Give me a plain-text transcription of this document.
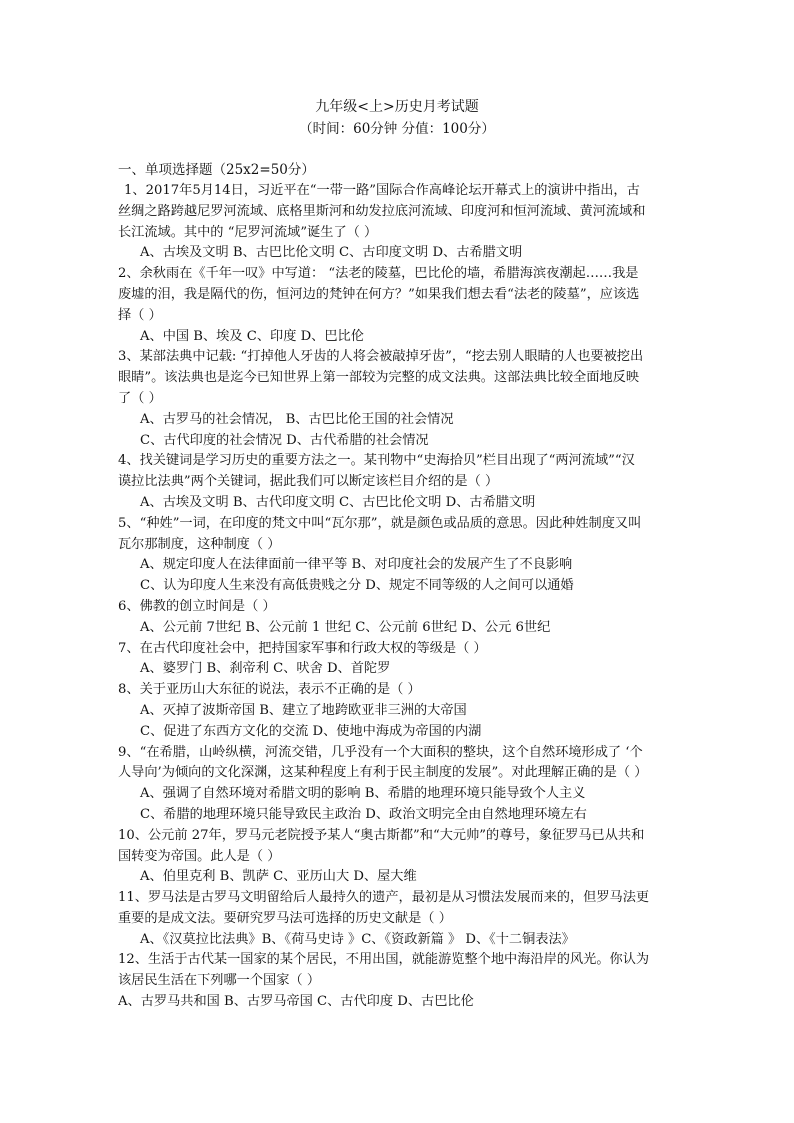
九年级<上>历史月考试题
（时间：60分钟 分值：100分）
一、单项选择题（25x2=50分）
1、2017年5月14日，习近平在“一带一路”国际合作高峰论坛开幕式上的演讲中指出，古
丝绸之路跨越尼罗河流域、底格里斯河和幼发拉底河流域、印度河和恒河流域、黄河流域和
长江流域。其中的 “尼罗河流域”诞生了（ ）
A、古埃及文明 B、古巴比伦文明 C、古印度文明 D、古希腊文明
2、余秋雨在《千年一叹》中写道： “法老的陵墓，巴比伦的墙，希腊海滨夜潮起……我是
废墟的泪，我是隔代的伤，恒河边的梵钟在何方？”如果我们想去看“法老的陵墓”，应该选
择（ ）
A、中国 B、埃及 C、印度 D、巴比伦
3、某部法典中记载: “打掉他人牙齿的人将会被敲掉牙齿”，“挖去别人眼睛的人也要被挖出
眼睛”。该法典也是迄今已知世界上第一部较为完整的成文法典。这部法典比较全面地反映
了（ ）
A、古罗马的社会情况， B、古巴比伦王国的社会情况
C、古代印度的社会情况 D、古代希腊的社会情况
4、找关键词是学习历史的重要方法之一。某刊物中“史海拾贝”栏目出现了“两河流域”“汉
谟拉比法典”两个关键词，据此我们可以断定该栏目介绍的是（ ）
A、古埃及文明 B、古代印度文明 C、古巴比伦文明 D、古希腊文明
5、“种姓”一词，在印度的梵文中叫“瓦尔那”，就是颜色或品质的意思。因此种姓制度又叫
瓦尔那制度，这种制度（ ）
A、规定印度人在法律面前一律平等 B、对印度社会的发展产生了不良影响
C、认为印度人生来没有高低贵贱之分 D、规定不同等级的人之间可以通婚
6、佛教的创立时间是（ ）
A、公元前 7世纪 B、公元前 1 世纪 C、公元前 6世纪 D、公元 6世纪
7、在古代印度社会中，把持国家军事和行政大权的等级是（ ）
A、婆罗门 B、刹帝利 C、吠舍 D、首陀罗
8、关于亚历山大东征的说法，表示不正确的是（ ）
A、灭掉了波斯帝国 B、建立了地跨欧亚非三洲的大帝国
C、促进了东西方文化的交流 D、使地中海成为帝国的内湖
9、“在希腊，山岭纵横，河流交错，几乎没有一个大面积的整块，这个自然环境形成了 ‘个
人导向’为倾向的文化深渊，这某种程度上有利于民主制度的发展”。对此理解正确的是（ ）
A、强调了自然环境对希腊文明的影响 B、希腊的地理环境只能导致个人主义
C、希腊的地理环境只能导致民主政治 D、政治文明完全由自然地理环境左右
10、公元前 27年，罗马元老院授予某人“奥古斯都”和“大元帅”的尊号，象征罗马已从共和
国转变为帝国。此人是（ ）
A、伯里克利 B、凯萨 C、亚历山大 D、屋大维
11、罗马法是古罗马文明留给后人最持久的遗产，最初是从习惯法发展而来的，但罗马法更
重要的是成文法。要研究罗马法可选择的历史文献是（ ）
A、《汉莫拉比法典》B、《荷马史诗 》C、《资政新篇 》 D、《十二铜表法》
12、生活于古代某一国家的某个居民，不用出国，就能游览整个地中海沿岸的风光。你认为
该居民生活在下列哪一个国家（ ）
A、古罗马共和国 B、古罗马帝国 C、古代印度 D、古巴比伦
